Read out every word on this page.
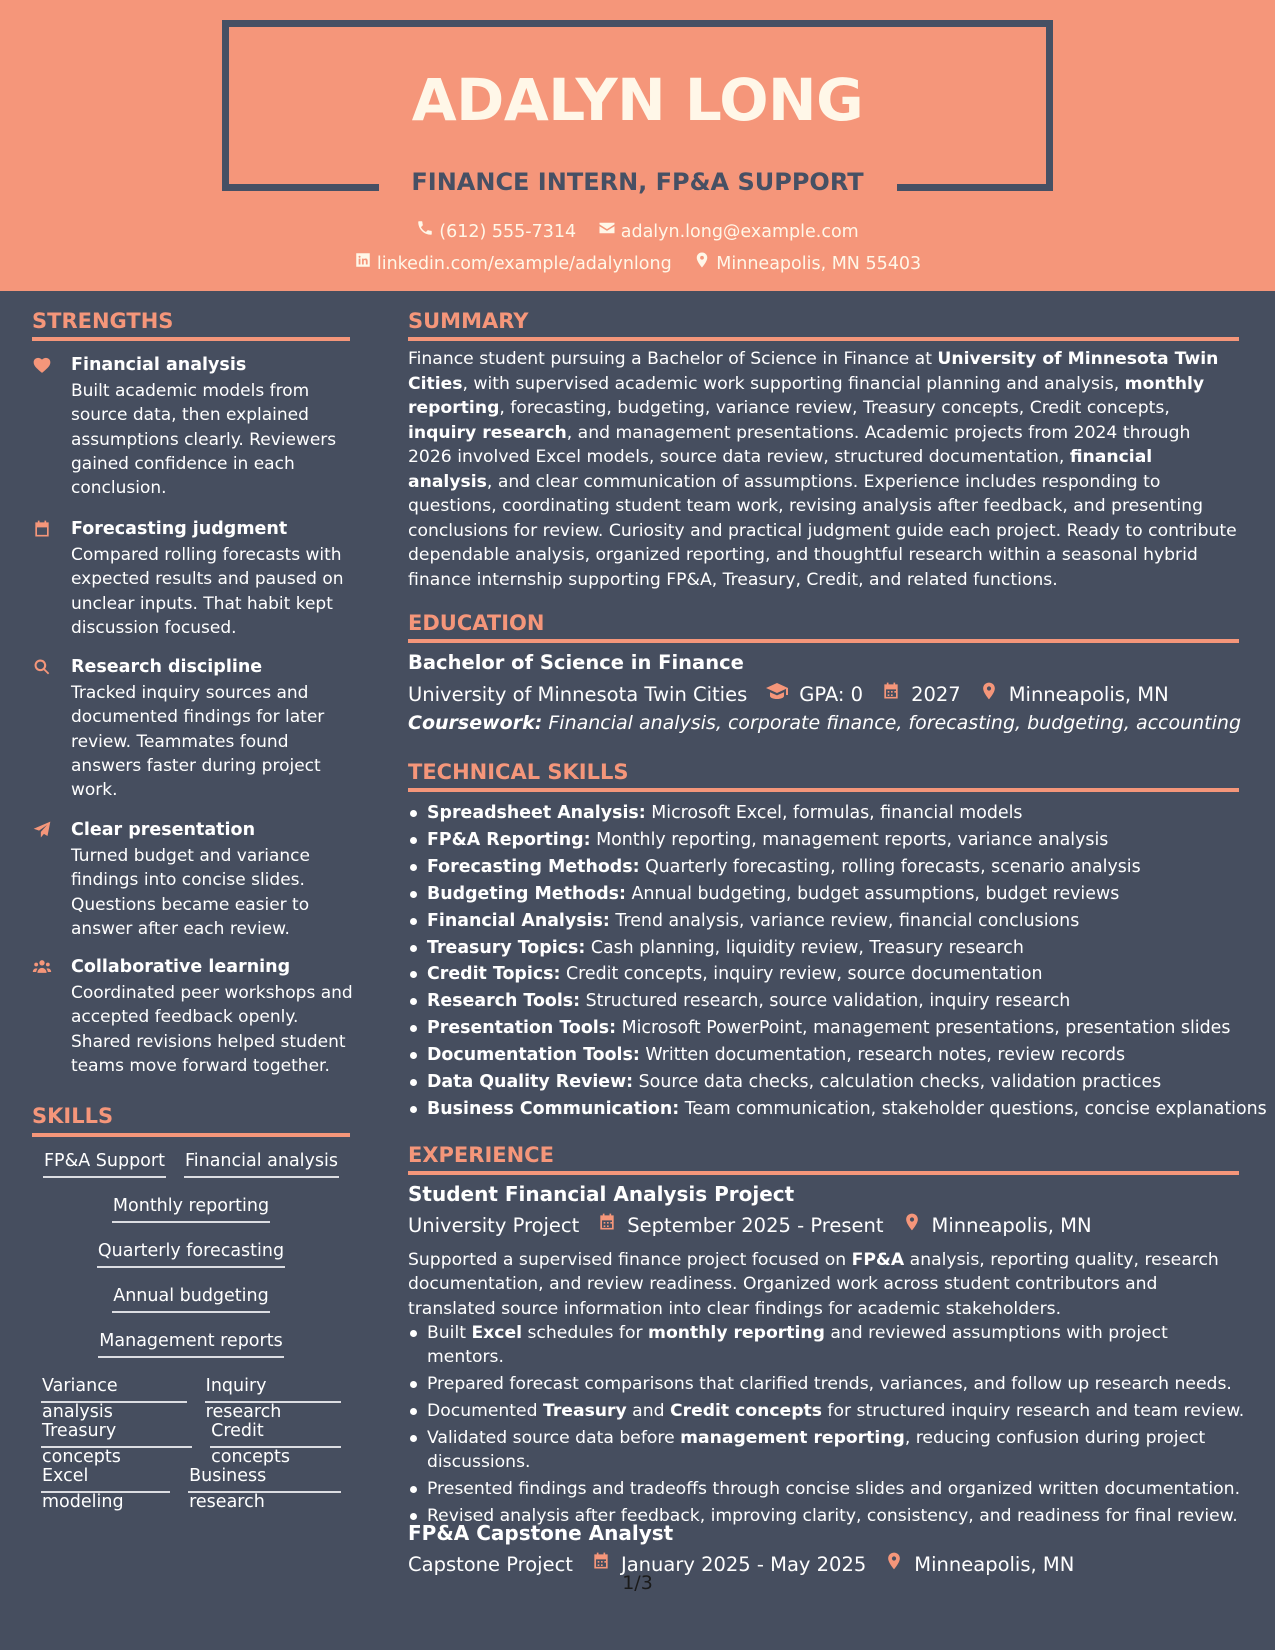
ADALYN LONG
FINANCE INTERN, FP&A SUPPORT
(612) 555-7314
	adalyn.long@example.com
linkedin.com/example/adalynlong
	Minneapolis, MN 55403
STRENGTHS
Financial analysis
Built academic models from source data, then explained assumptions clearly. Reviewers gained confidence in each conclusion.
Forecasting judgment
Compared rolling forecasts with expected results and paused on unclear inputs. That habit kept discussion focused.
Research discipline
Tracked inquiry sources and documented findings for later review. Teammates found answers faster during project work.
Clear presentation
Turned budget and variance findings into concise slides. Questions became easier to answer after each review.
Collaborative learning
Coordinated peer workshops and accepted feedback openly. Shared revisions helped student teams move forward together.
SKILLS
FP&A Support Financial analysis
Monthly reporting
Quarterly forecasting
Annual budgeting
Management reports
Variance analysis
Inquiry research
Treasury concepts
Credit concepts
Excel modeling
Business research
SUMMARY
Finance student pursuing a Bachelor of Science in Finance at University of Minnesota Twin Cities, with supervised academic work supporting financial planning and analysis, monthly reporting, forecasting, budgeting, variance review, Treasury concepts, Credit concepts, inquiry research, and management presentations. Academic projects from 2024 through 2026 involved Excel models, source data review, structured documentation, financial analysis, and clear communication of assumptions. Experience includes responding to questions, coordinating student team work, revising analysis after feedback, and presenting conclusions for review. Curiosity and practical judgment guide each project. Ready to contribute dependable analysis, organized reporting, and thoughtful research within a seasonal hybrid finance internship supporting FP&A, Treasury, Credit, and related functions.
EDUCATION
Bachelor of Science in Finance
University of Minnesota Twin Cities	GPA: 0 2027 Minneapolis, MN
Coursework: Financial analysis, corporate finance, forecasting, budgeting, accounting
TECHNICAL SKILLS
Spreadsheet Analysis: Microsoft Excel, formulas, financial models
FP&A Reporting: Monthly reporting, management reports, variance analysis
Forecasting Methods: Quarterly forecasting, rolling forecasts, scenario analysis
Budgeting Methods: Annual budgeting, budget assumptions, budget reviews
Financial Analysis: Trend analysis, variance review, financial conclusions
Treasury Topics: Cash planning, liquidity review, Treasury research
Credit Topics: Credit concepts, inquiry review, source documentation
Research Tools: Structured research, source validation, inquiry research
Presentation Tools: Microsoft PowerPoint, management presentations, presentation slides
Documentation Tools: Written documentation, research notes, review records
Data Quality Review: Source data checks, calculation checks, validation practices
Business Communication: Team communication, stakeholder questions, concise explanations
EXPERIENCE
Student Financial Analysis Project
University Project September 2025 - Present Minneapolis, MN
Supported a supervised finance project focused on FP&A analysis, reporting quality, research documentation, and review readiness. Organized work across student contributors and translated source information into clear findings for academic stakeholders.
Built Excel schedules for monthly reporting and reviewed assumptions with project mentors.
Prepared forecast comparisons that clarified trends, variances, and follow up research needs.
Documented Treasury and Credit concepts for structured inquiry research and team review.
Validated source data before management reporting, reducing confusion during project discussions.
Presented findings and tradeoffs through concise slides and organized written documentation.
Revised analysis after feedback, improving clarity, consistency, and readiness for final review.
FP&A Capstone Analyst
Capstone Project January 2025 - May 2025 Minneapolis, MN
1/3
